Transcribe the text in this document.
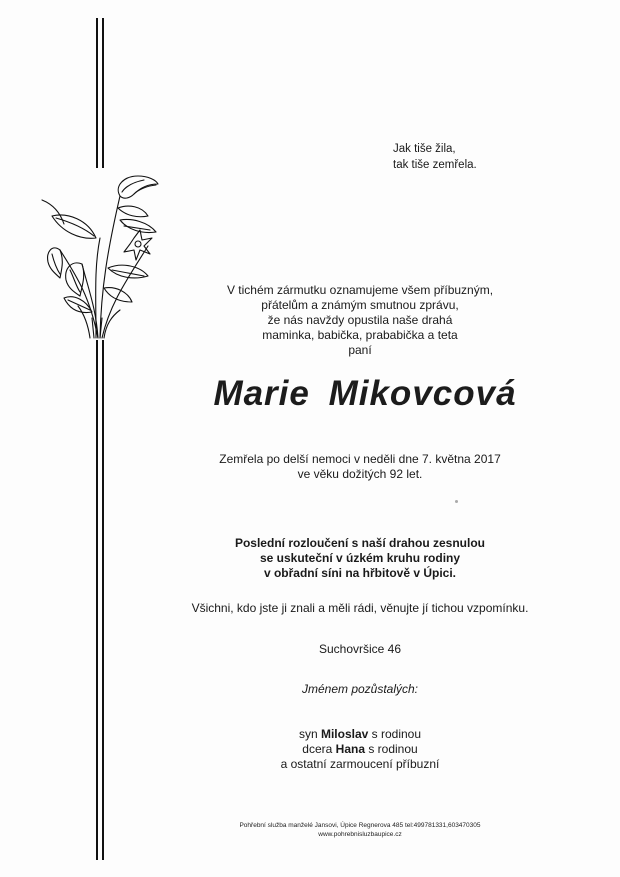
Jak tiše žila,
tak tiše zemřela.
V tichém zármutku oznamujeme všem příbuzným,
přátelům a známým smutnou zprávu,
že nás navždy opustila naše drahá
maminka, babička, prababička a teta
paní
Marie Mikovcová
Zemřela po delší nemoci v neděli dne 7. května 2017
ve věku dožitých 92 let.
Poslední rozloučení s naší drahou zesnulou
se uskuteční v úzkém kruhu rodiny
v obřadní síni na hřbitově v Úpici.
Všichni, kdo jste ji znali a měli rádi, věnujte jí tichou vzpomínku.
Suchovršice 46
Jménem pozůstalých:
syn Miloslav s rodinou
dcera Hana s rodinou
a ostatní zarmoucení příbuzní
Pohřební služba manželé Jansovi, Úpice Regnerova 485 tel:499781331,603470305
www.pohrebnisluzbaupice.cz
